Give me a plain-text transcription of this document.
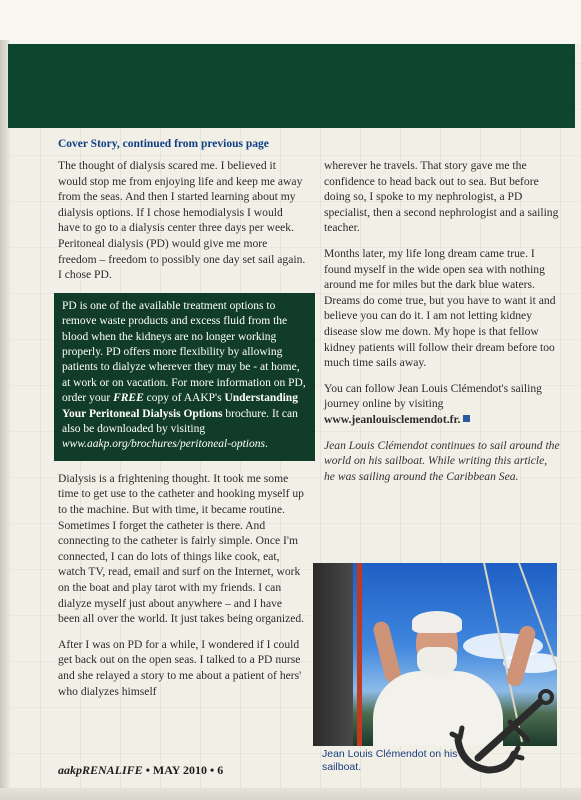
Cover Story, continued from previous page

The thought of dialysis scared me. I believed it would stop me from enjoying life and keep me away from the seas. And then I started learning about my dialysis options. If I chose hemodialysis I would have to go to a dialysis center three days per week. Peritoneal dialysis (PD) would give me more freedom – freedom to possibly one day set sail again. I chose PD.

PD is one of the available treatment options to remove waste products and excess fluid from the blood when the kidneys are no longer working properly. PD offers more flexibility by allowing patients to dialyze wherever they may be - at home, at work or on vacation. For more information on PD, order your FREE copy of AAKP's Understanding Your Peritoneal Dialysis Options brochure. It can also be downloaded by visiting www.aakp.org/brochures/peritoneal-options.

Dialysis is a frightening thought. It took me some time to get use to the catheter and hooking myself up to the machine. But with time, it became routine. Sometimes I forget the catheter is there. And connecting to the catheter is fairly simple. Once I'm connected, I can do lots of things like cook, eat, watch TV, read, email and surf on the Internet, work on the boat and play tarot with my friends. I can dialyze myself just about anywhere – and I have been all over the world. It just takes being organized.

After I was on PD for a while, I wondered if I could get back out on the open seas. I talked to a PD nurse and she relayed a story to me about a patient of hers' who dialyzes himself

wherever he travels. That story gave me the confidence to head back out to sea. But before doing so, I spoke to my nephrologist, a PD specialist, then a second nephrologist and a sailing teacher.

Months later, my life long dream came true. I found myself in the wide open sea with nothing around me for miles but the dark blue waters. Dreams do come true, but you have to want it and believe you can do it. I am not letting kidney disease slow me down. My hope is that fellow kidney patients will follow their dream before too much time sails away.

You can follow Jean Louis Clémendot's sailing journey online by visiting www.jeanlouisclemendot.fr.

Jean Louis Clémendot continues to sail around the world on his sailboat. While writing this article, he was sailing around the Caribbean Sea.

Jean Louis Clémendot on his sailboat.
aakpRENALIFE • MAY 2010 • 6
